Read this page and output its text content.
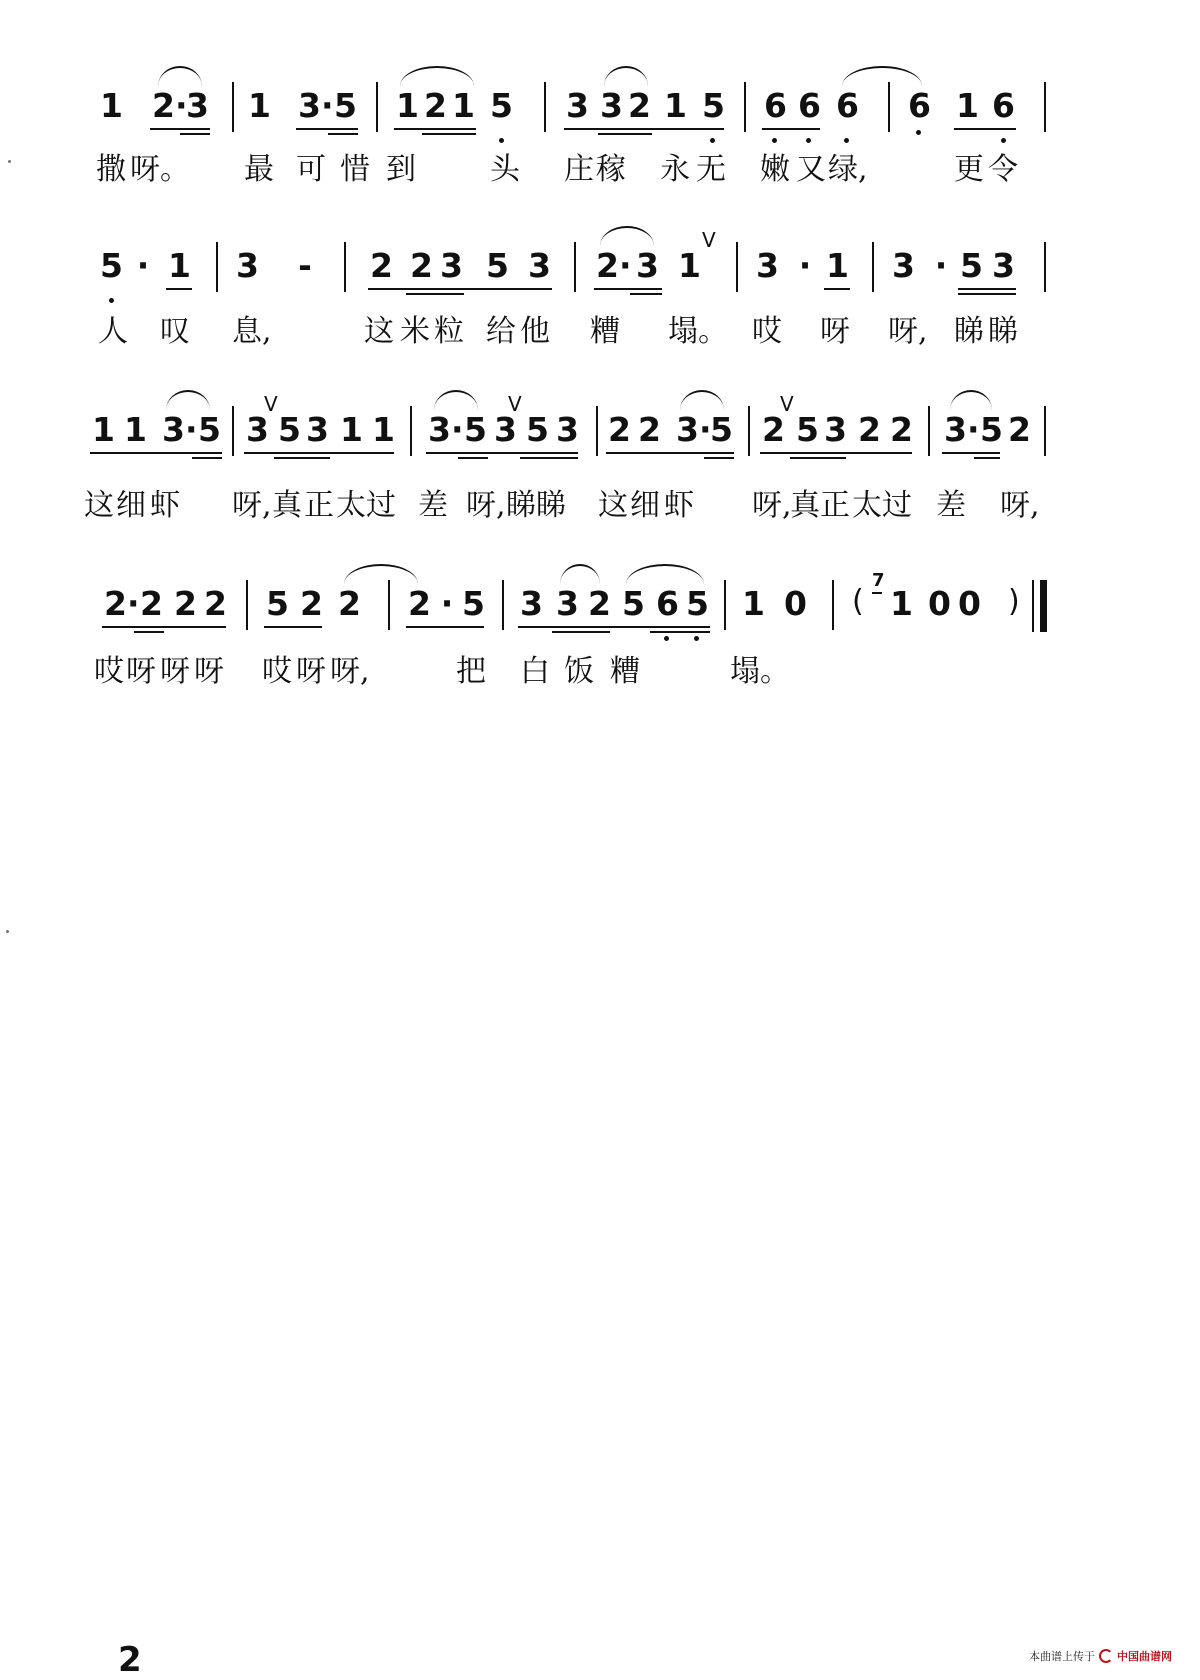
1 2·
3 1 3· 5 1 2 1 5 3 3 2 1 5 6 6 6 6 1 6
撒 呀。 最 可 惜 到 头 庄 稼 永 无 嫩 又 绿,	更 令
5 · 1 3 - 2 2 3 5 3 2· 3 1
V
3 · 1 3 · 5 3
人 叹 息,	这 米 粒 给 他 糟 塌。 哎 呀 呀, 睇 睇
1 1 3· 5 3 5 3 1 1
V
3· 5 3 5 3
V
2 2 3·
5 2 5 3 2 2
V
3· 5 2
这 细 虾 呀, 真 正 太 过 差 呀, 睇 睇 这 细 虾 呀,
真 正 太 过 差 呀,
2· 2 2 2 5 2 2 2 · 5 3 3 2 5 6 5 1 0 (
7
1 0 0 )
哎 呀 呀 呀 哎 呀 呀,	把 白 饭 糟	塌。
2	本曲谱上传于 中国曲谱网
